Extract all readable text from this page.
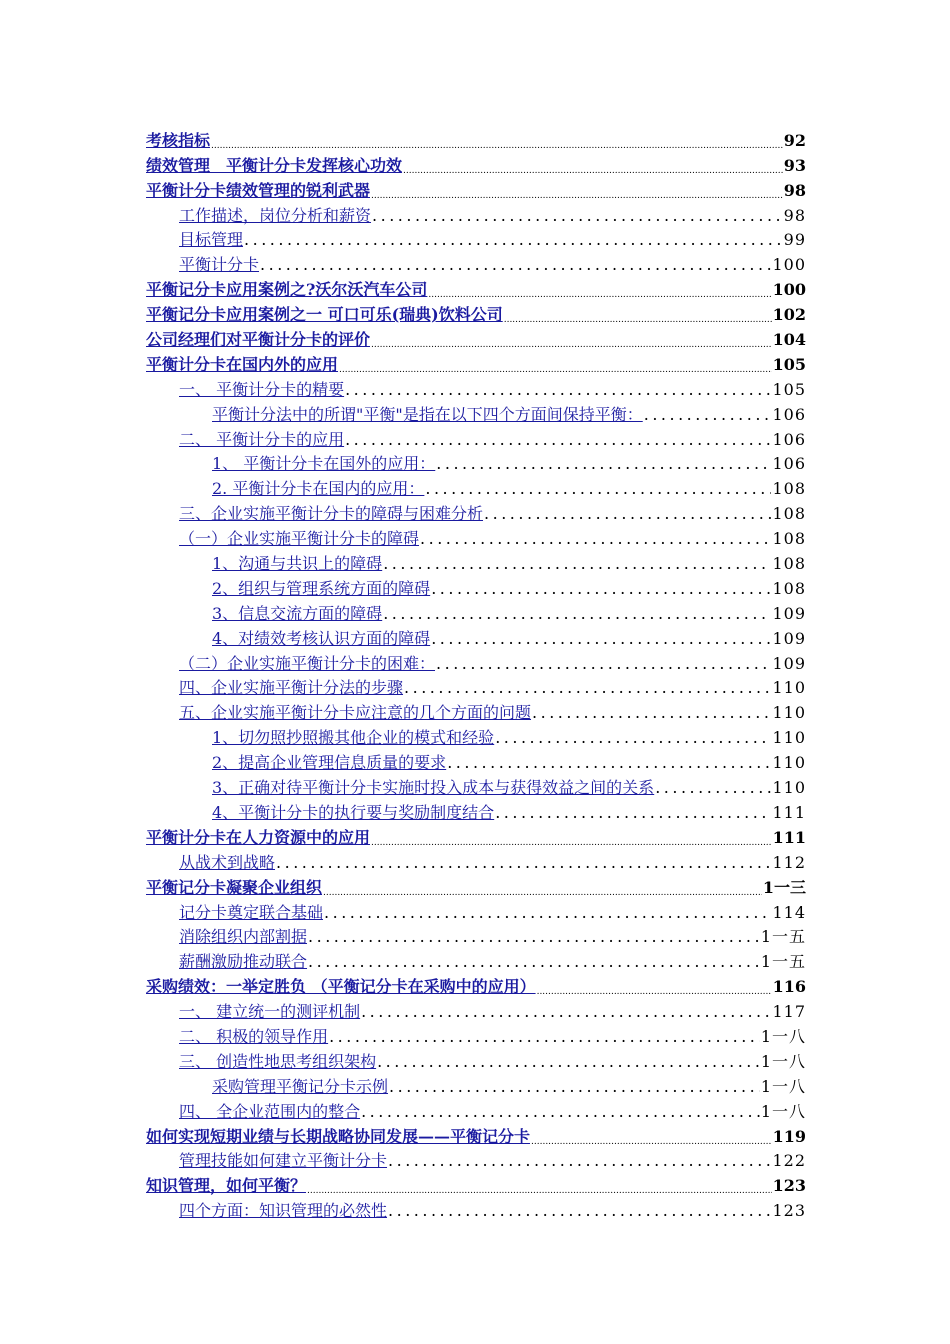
考核指标 .....	92
绩效管理　平衡计分卡发挥核心功效 .....	93
平衡计分卡绩效管理的锐利武器 .....	98
工作描述，岗位分析和薪资 .....	98
目标管理 .....	99
平衡计分卡 .....	100
平衡记分卡应用案例之?沃尔沃汽车公司 .....	100
平衡记分卡应用案例之一 可口可乐(瑞典)饮料公司 .....	102
公司经理们对平衡计分卡的评价 .....	104
平衡计分卡在国内外的应用 .....	105
一、 平衡计分卡的精要 .....	105
平衡计分法中的所谓"平衡"是指在以下四个方面间保持平衡： .....	106
二、 平衡计分卡的应用 .....	106
1、 平衡计分卡在国外的应用： .....	106
2. 平衡计分卡在国内的应用： .....	108
三、企业实施平衡计分卡的障碍与困难分析 .....	108
（一）企业实施平衡计分卡的障碍 .....	108
1、沟通与共识上的障碍 .....	108
2、组织与管理系统方面的障碍 .....	108
3、信息交流方面的障碍 .....	109
4、对绩效考核认识方面的障碍 .....	109
（二）企业实施平衡计分卡的困难： .....	109
四、企业实施平衡计分法的步骤 .....	110
五、企业实施平衡计分卡应注意的几个方面的问题 .....	110
1、切勿照抄照搬其他企业的模式和经验 .....	110
2、提高企业管理信息质量的要求 .....	110
3、正确对待平衡计分卡实施时投入成本与获得效益之间的关系 .....	110
4、平衡计分卡的执行要与奖励制度结合 .....	111
平衡计分卡在人力资源中的应用 .....	111
从战术到战略 .....	112
平衡记分卡凝聚企业组织 .....	1一三
记分卡奠定联合基础 .....	114
消除组织内部割据 .....	1一五
薪酬激励推动联合 .....	1一五
采购绩效：一举定胜负 （平衡记分卡在采购中的应用） .....	116
一、 建立统一的测评机制 .....	117
二、 积极的领导作用 .....	1一八
三、 创造性地思考组织架构 .....	1一八
采购管理平衡记分卡示例 .....	1一八
四、 全企业范围内的整合 .....	1一八
如何实现短期业绩与长期战略协同发展——平衡记分卡 .....	119
管理技能如何建立平衡计分卡 .....	122
知识管理，如何平衡？ .....	123
四个方面：知识管理的必然性 .....	123
